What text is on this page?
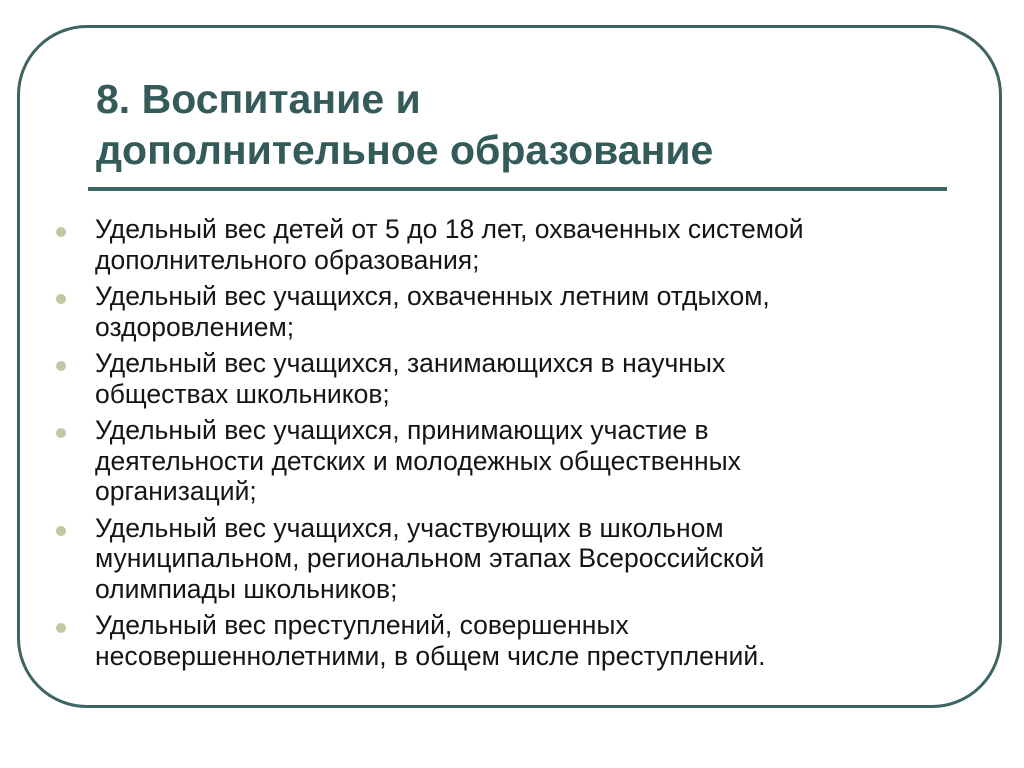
8. Воспитание и
дополнительное образование
Удельный вес детей от 5 до 18 лет, охваченных системой
дополнительного образования;
Удельный вес учащихся, охваченных летним отдыхом,
оздоровлением;
Удельный вес учащихся, занимающихся в научных
обществах школьников;
Удельный вес учащихся, принимающих участие в
деятельности детских и молодежных общественных
организаций;
Удельный вес учащихся, участвующих в школьном
муниципальном, региональном этапах Всероссийской
олимпиады школьников;
Удельный вес преступлений, совершенных
несовершеннолетними, в общем числе преступлений.
